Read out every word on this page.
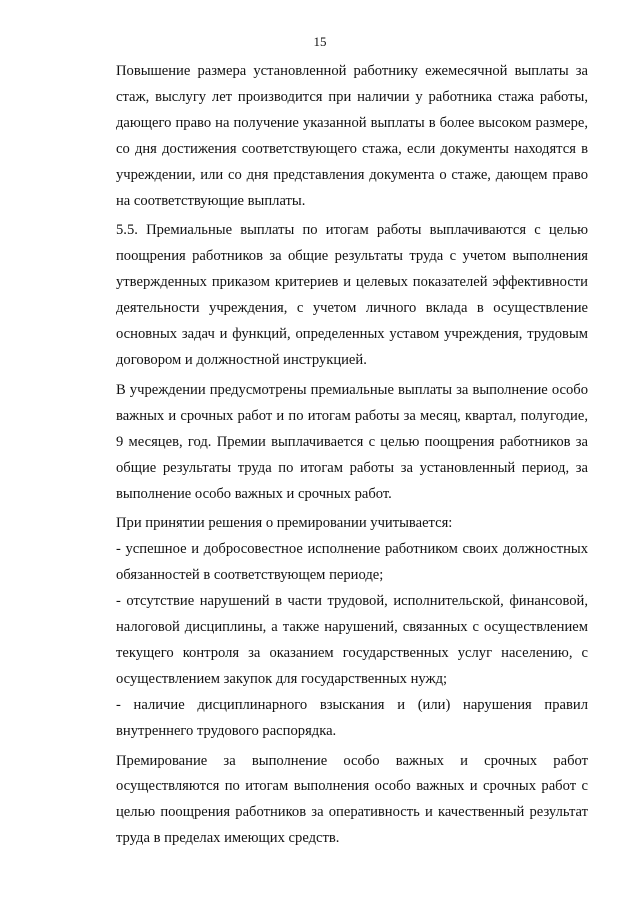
15

Повышение размера установленной работнику ежемесячной выплаты за стаж, выслугу лет производится при наличии у работника стажа работы, дающего право на получение указанной выплаты в более высоком размере, со дня достижения соответствующего стажа, если документы находятся в учреждении, или со дня представления документа о стаже, дающем право на соответствующие выплаты.

5.5. Премиальные выплаты по итогам работы выплачиваются с целью поощрения работников за общие результаты труда с учетом выполнения утвержденных приказом критериев и целевых показателей эффективности деятельности учреждения, с учетом личного вклада в осуществление основных задач и функций, определенных уставом учреждения, трудовым договором и должностной инструкцией.

В учреждении предусмотрены премиальные выплаты за выполнение особо важных и срочных работ и по итогам работы за месяц, квартал, полугодие, 9 месяцев, год. Премии выплачивается с целью поощрения работников за общие результаты труда по итогам работы за установленный период, за выполнение особо важных и срочных работ.

При принятии решения о премировании учитывается:

- успешное и добросовестное исполнение работником своих должностных обязанностей в соответствующем периоде;

- отсутствие нарушений в части трудовой, исполнительской, финансовой, налоговой дисциплины, а также нарушений, связанных с осуществлением текущего контроля за оказанием государственных услуг населению, с осуществлением закупок для государственных нужд;

- наличие дисциплинарного взыскания и (или) нарушения правил внутреннего трудового распорядка.

Премирование за выполнение особо важных и срочных работ осуществляются по итогам выполнения особо важных и срочных работ с целью поощрения работников за оперативность и качественный результат труда в пределах имеющих средств.
